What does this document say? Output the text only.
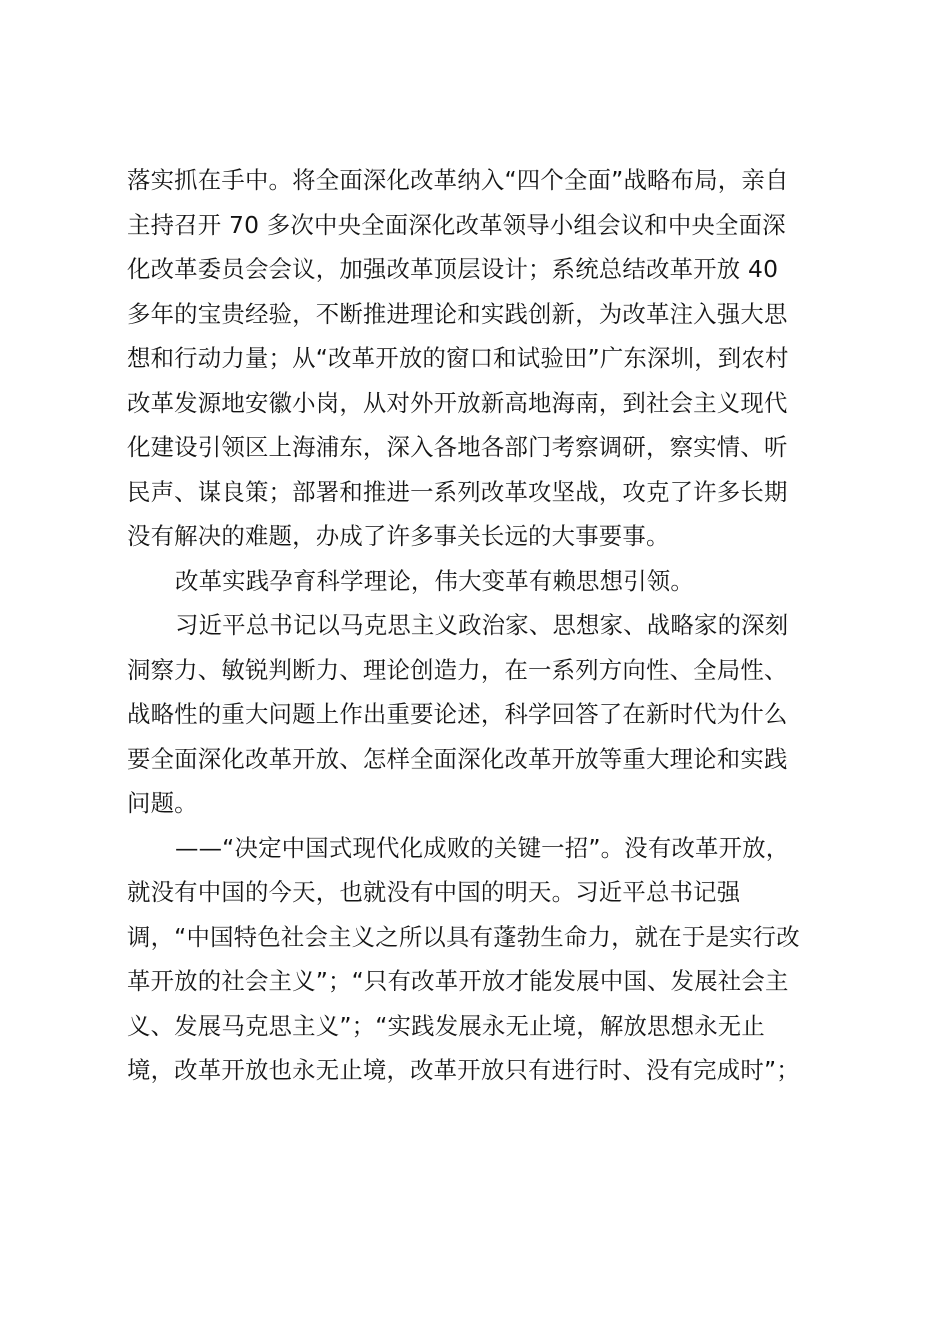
落实抓在手中。将全面深化改革纳入“四个全面”战略布局，亲自
主持召开 70 多次中央全面深化改革领导小组会议和中央全面深
化改革委员会会议，加强改革顶层设计；系统总结改革开放 40
多年的宝贵经验，不断推进理论和实践创新，为改革注入强大思
想和行动力量；从“改革开放的窗口和试验田”广东深圳，到农村
改革发源地安徽小岗，从对外开放新高地海南，到社会主义现代
化建设引领区上海浦东，深入各地各部门考察调研，察实情、听
民声、谋良策；部署和推进一系列改革攻坚战，攻克了许多长期
没有解决的难题，办成了许多事关长远的大事要事。
改革实践孕育科学理论，伟大变革有赖思想引领。
习近平总书记以马克思主义政治家、思想家、战略家的深刻
洞察力、敏锐判断力、理论创造力，在一系列方向性、全局性、
战略性的重大问题上作出重要论述，科学回答了在新时代为什么
要全面深化改革开放、怎样全面深化改革开放等重大理论和实践
问题。
——“决定中国式现代化成败的关键一招”。没有改革开放，
就没有中国的今天，也就没有中国的明天。习近平总书记强
调，“中国特色社会主义之所以具有蓬勃生命力，就在于是实行改
革开放的社会主义”；“只有改革开放才能发展中国、发展社会主
义、发展马克思主义”；“实践发展永无止境，解放思想永无止
境，改革开放也永无止境，改革开放只有进行时、没有完成时”；
